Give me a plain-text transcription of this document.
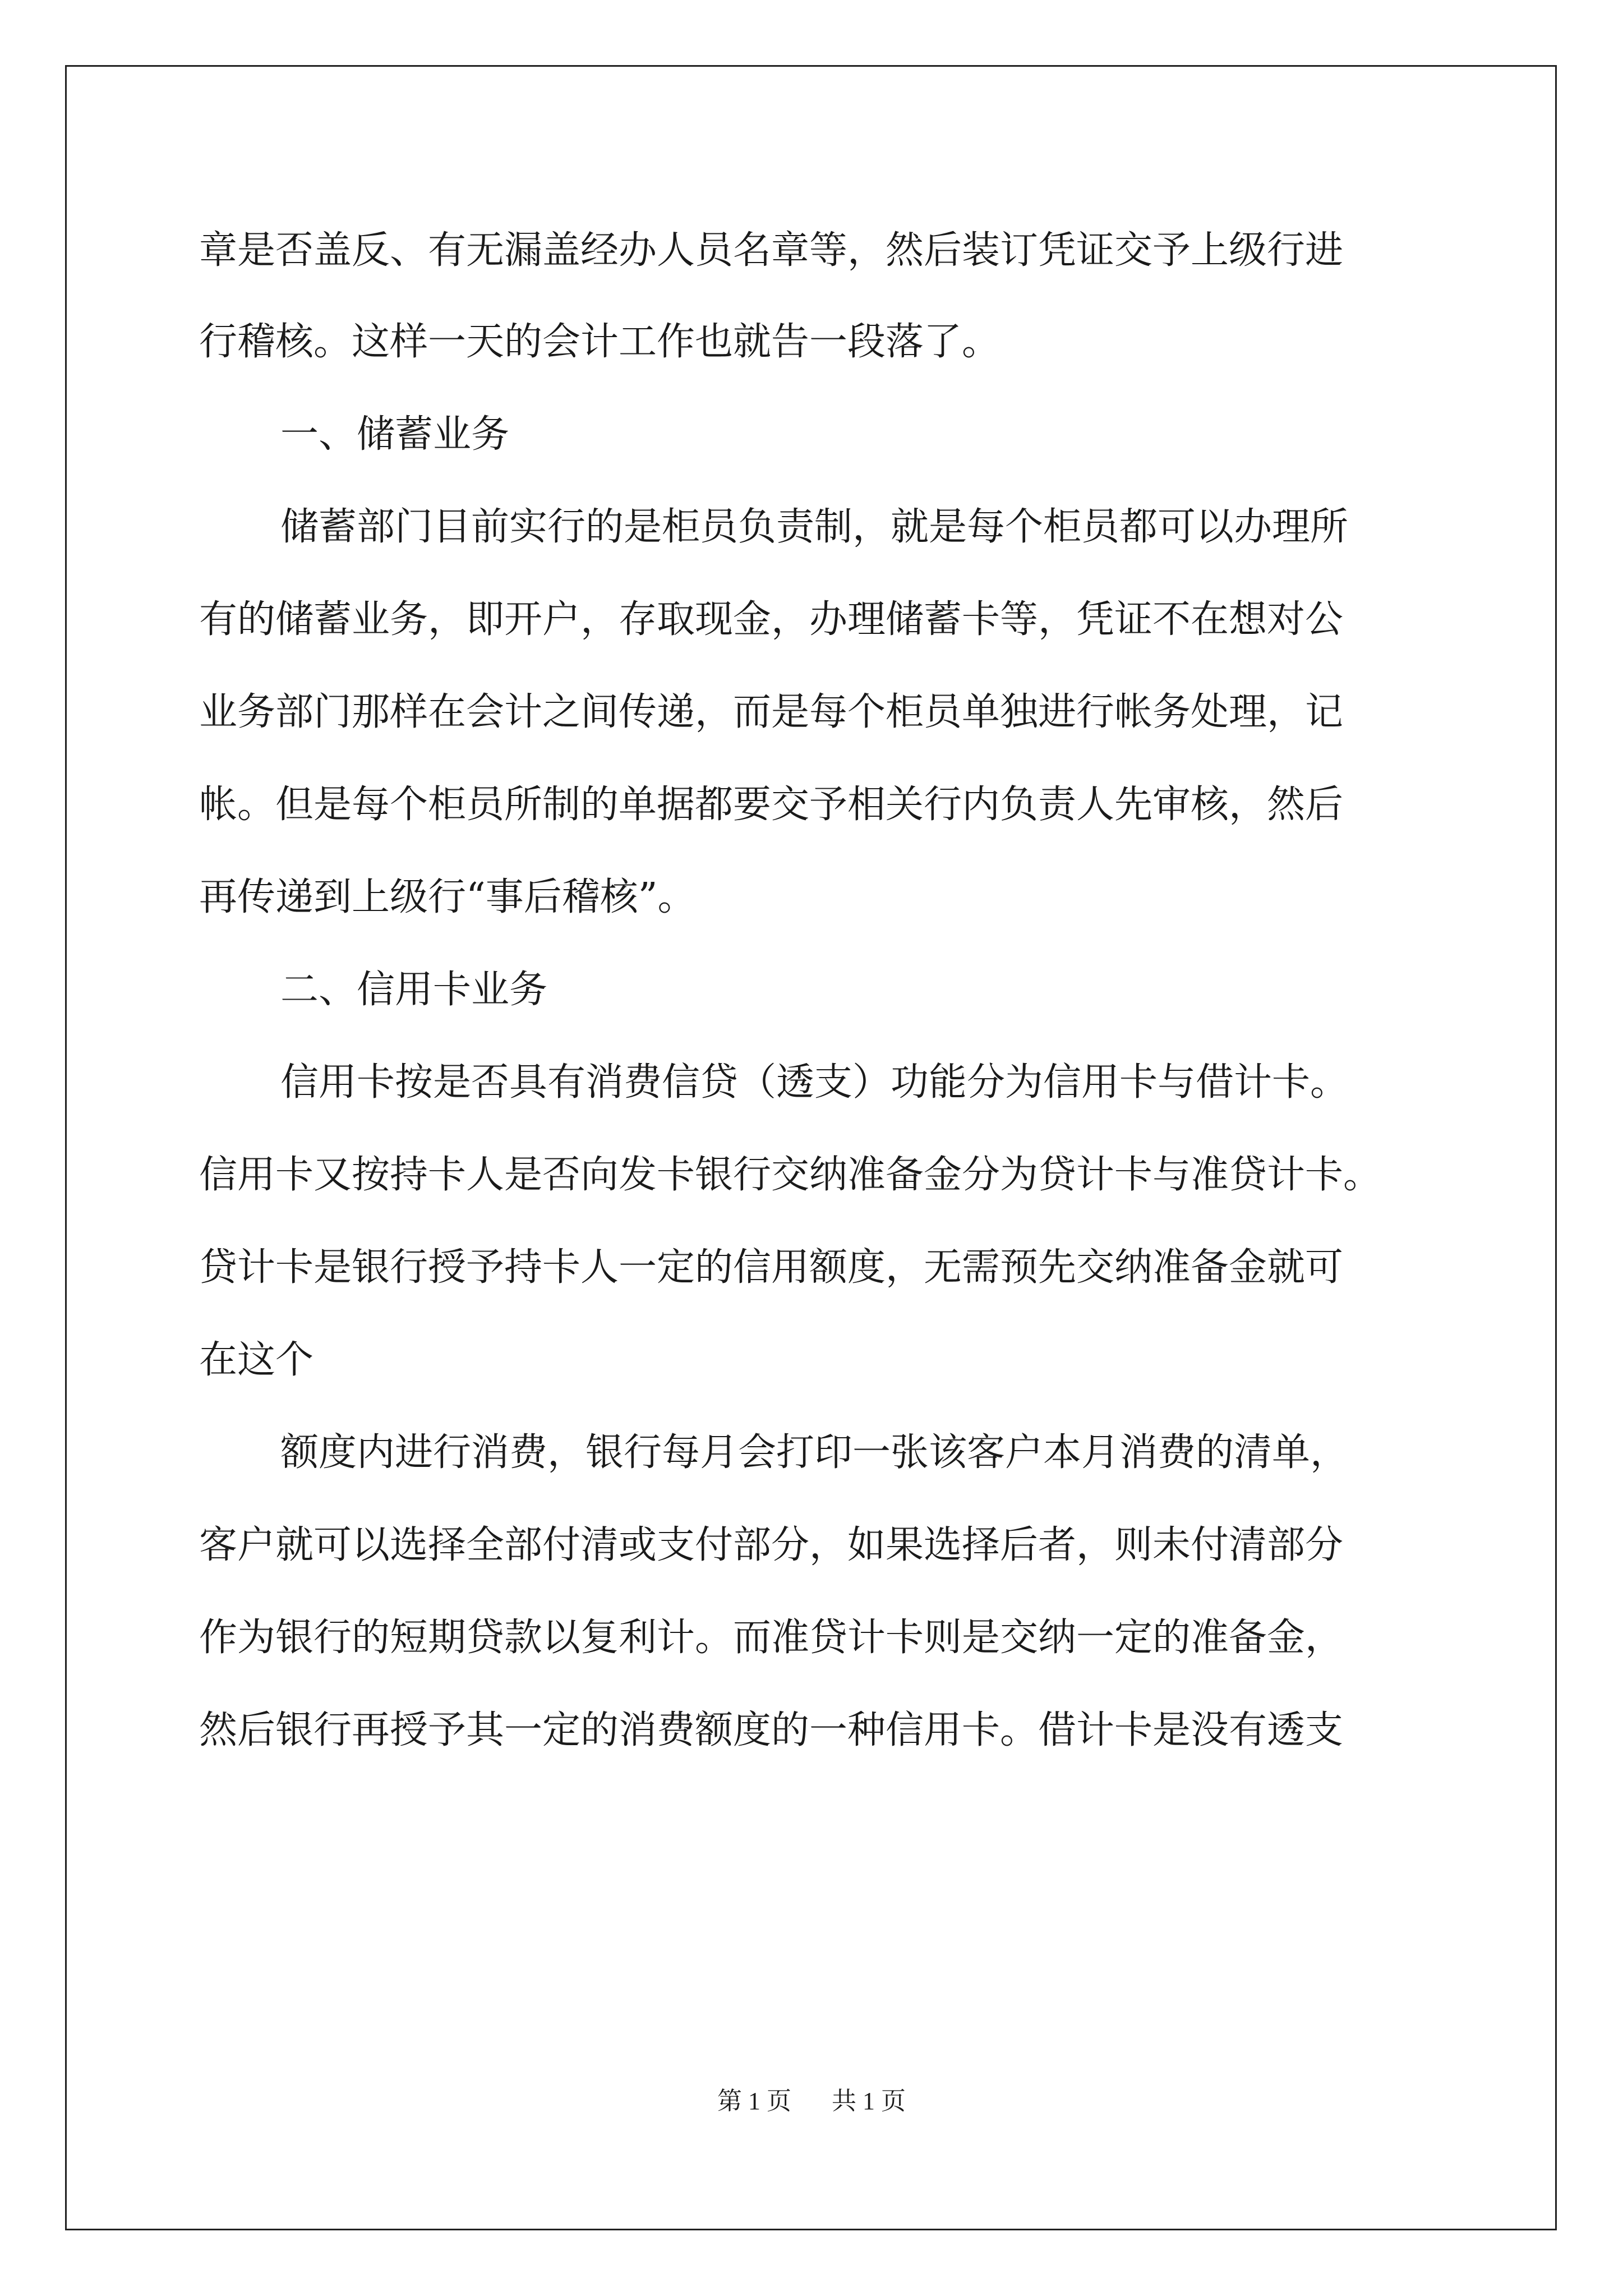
章是否盖反、有无漏盖经办人员名章等，然后装订凭证交予上级行进
行稽核。这样一天的会计工作也就告一段落了。
一、储蓄业务
储蓄部门目前实行的是柜员负责制，就是每个柜员都可以办理所
有的储蓄业务，即开户，存取现金，办理储蓄卡等，凭证不在想对公
业务部门那样在会计之间传递，而是每个柜员单独进行帐务处理，记
帐。但是每个柜员所制的单据都要交予相关行内负责人先审核，然后
再传递到上级行“事后稽核”。
二、信用卡业务
信用卡按是否具有消费信贷（透支）功能分为信用卡与借计卡。
信用卡又按持卡人是否向发卡银行交纳准备金分为贷计卡与准贷计卡。
贷计卡是银行授予持卡人一定的信用额度，无需预先交纳准备金就可
在这个
额度内进行消费，银行每月会打印一张该客户本月消费的清单，
客户就可以选择全部付清或支付部分，如果选择后者，则未付清部分
作为银行的短期贷款以复利计。而准贷计卡则是交纳一定的准备金，
然后银行再授予其一定的消费额度的一种信用卡。借计卡是没有透支
第 1 页 共 1 页
